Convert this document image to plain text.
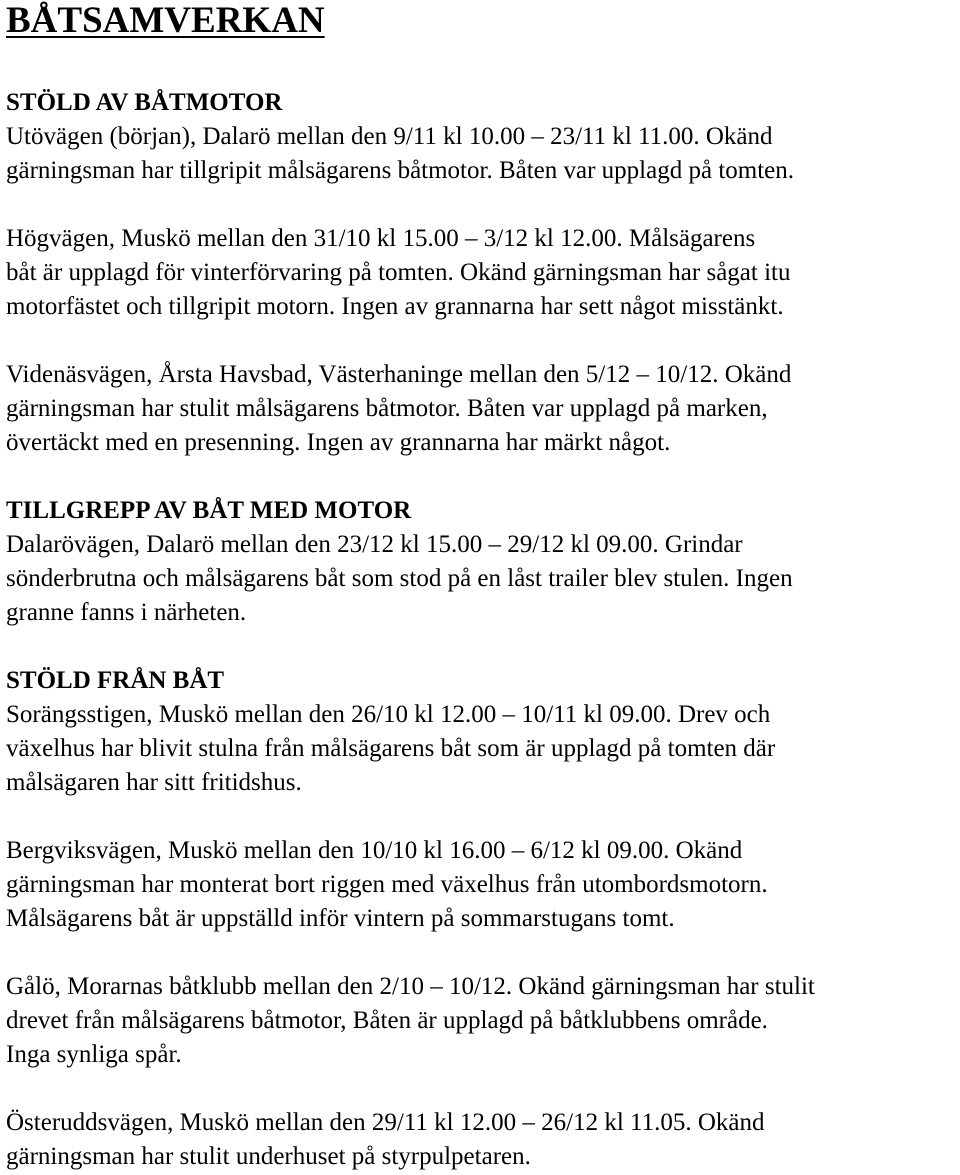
BÅTSAMVERKAN
STÖLD AV BÅTMOTOR
Utövägen (början), Dalarö mellan den 9/11 kl 10.00 – 23/11 kl 11.00. Okänd
gärningsman har tillgripit målsägarens båtmotor. Båten var upplagd på tomten.
Högvägen, Muskö mellan den 31/10 kl 15.00 – 3/12 kl 12.00. Målsägarens
båt är upplagd för vinterförvaring på tomten. Okänd gärningsman har sågat itu
motorfästet och tillgripit motorn. Ingen av grannarna har sett något misstänkt.
Videnäsvägen, Årsta Havsbad, Västerhaninge mellan den 5/12 – 10/12. Okänd
gärningsman har stulit målsägarens båtmotor. Båten var upplagd på marken,
övertäckt med en presenning. Ingen av grannarna har märkt något.
TILLGREPP AV BÅT MED MOTOR
Dalarövägen, Dalarö mellan den 23/12 kl 15.00 – 29/12 kl 09.00. Grindar
sönderbrutna och målsägarens båt som stod på en låst trailer blev stulen. Ingen
granne fanns i närheten.
STÖLD FRÅN BÅT
Sorängsstigen, Muskö mellan den 26/10 kl 12.00 – 10/11 kl 09.00. Drev och
växelhus har blivit stulna från målsägarens båt som är upplagd på tomten där
målsägaren har sitt fritidshus.
Bergviksvägen, Muskö mellan den 10/10 kl 16.00 – 6/12 kl 09.00. Okänd
gärningsman har monterat bort riggen med växelhus från utombordsmotorn.
Målsägarens båt är uppställd inför vintern på sommarstugans tomt.
Gålö, Morarnas båtklubb mellan den 2/10 – 10/12. Okänd gärningsman har stulit
drevet från målsägarens båtmotor, Båten är upplagd på båtklubbens område.
Inga synliga spår.
Österuddsvägen, Muskö mellan den 29/11 kl 12.00 – 26/12 kl 11.05. Okänd
gärningsman har stulit underhuset på styrpulpetaren.
